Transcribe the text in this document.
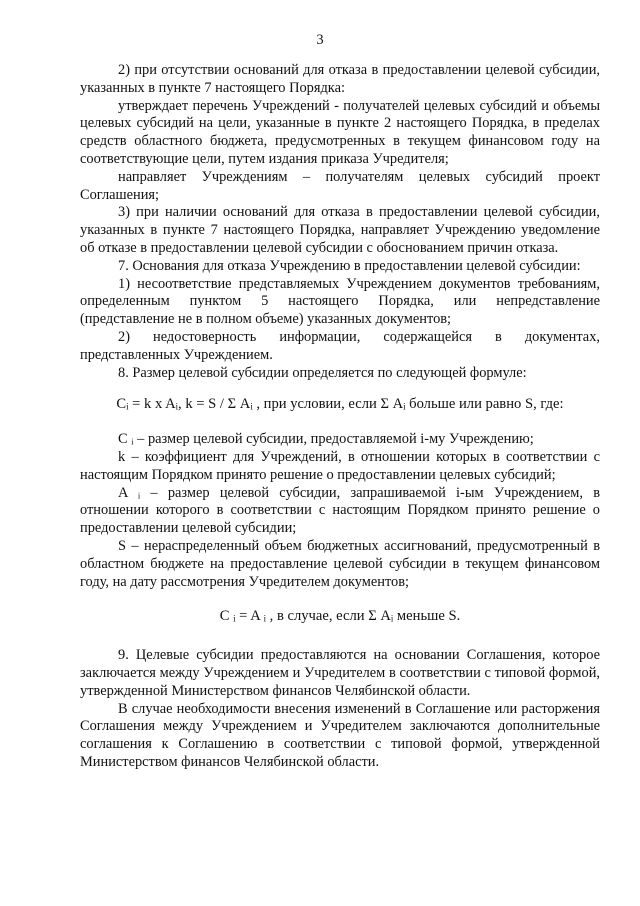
3

2) при отсутствии оснований для отказа в предоставлении целевой субсидии, указанных в пункте 7 настоящего Порядка:

утверждает перечень Учреждений - получателей целевых субсидий и объемы целевых субсидий на цели, указанные в пункте 2 настоящего Порядка, в пределах средств областного бюджета, предусмотренных в текущем финансовом году на соответствующие цели, путем издания приказа Учредителя;

направляет Учреждениям – получателям целевых субсидий проект Соглашения;

3) при наличии оснований для отказа в предоставлении целевой субсидии, указанных в пункте 7 настоящего Порядка, направляет Учреждению уведомление об отказе в предоставлении целевой субсидии с обоснованием причин отказа.

7. Основания для отказа Учреждению в предоставлении целевой субсидии:

1) несоответствие представляемых Учреждением документов требованиям, определенным пунктом 5 настоящего Порядка, или непредставление (представление не в полном объеме) указанных документов;

2) недостоверность информации, содержащейся в документах, представленных Учреждением.

8. Размер целевой субсидии определяется по следующей формуле:

Cᵢ = k x Aᵢ, k = S / Σ Aᵢ , при условии, если Σ Aᵢ больше или равно S, где:

C ᵢ – размер целевой субсидии, предоставляемой i-му Учреждению;

k – коэффициент для Учреждений, в отношении которых в соответствии с настоящим Порядком принято решение о предоставлении целевых субсидий;

A ᵢ – размер целевой субсидии, запрашиваемой i-ым Учреждением, в отношении которого в соответствии с настоящим Порядком принято решение о предоставлении целевой субсидии;

S – нераспределенный объем бюджетных ассигнований, предусмотренный в областном бюджете на предоставление целевой субсидии в текущем финансовом году, на дату рассмотрения Учредителем документов;

C ᵢ = A ᵢ , в случае, если Σ Aᵢ меньше S.

9. Целевые субсидии предоставляются на основании Соглашения, которое заключается между Учреждением и Учредителем в соответствии с типовой формой, утвержденной Министерством финансов Челябинской области.

В случае необходимости внесения изменений в Соглашение или расторжения Соглашения между Учреждением и Учредителем заключаются дополнительные соглашения к Соглашению в соответствии с типовой формой, утвержденной Министерством финансов Челябинской области.
